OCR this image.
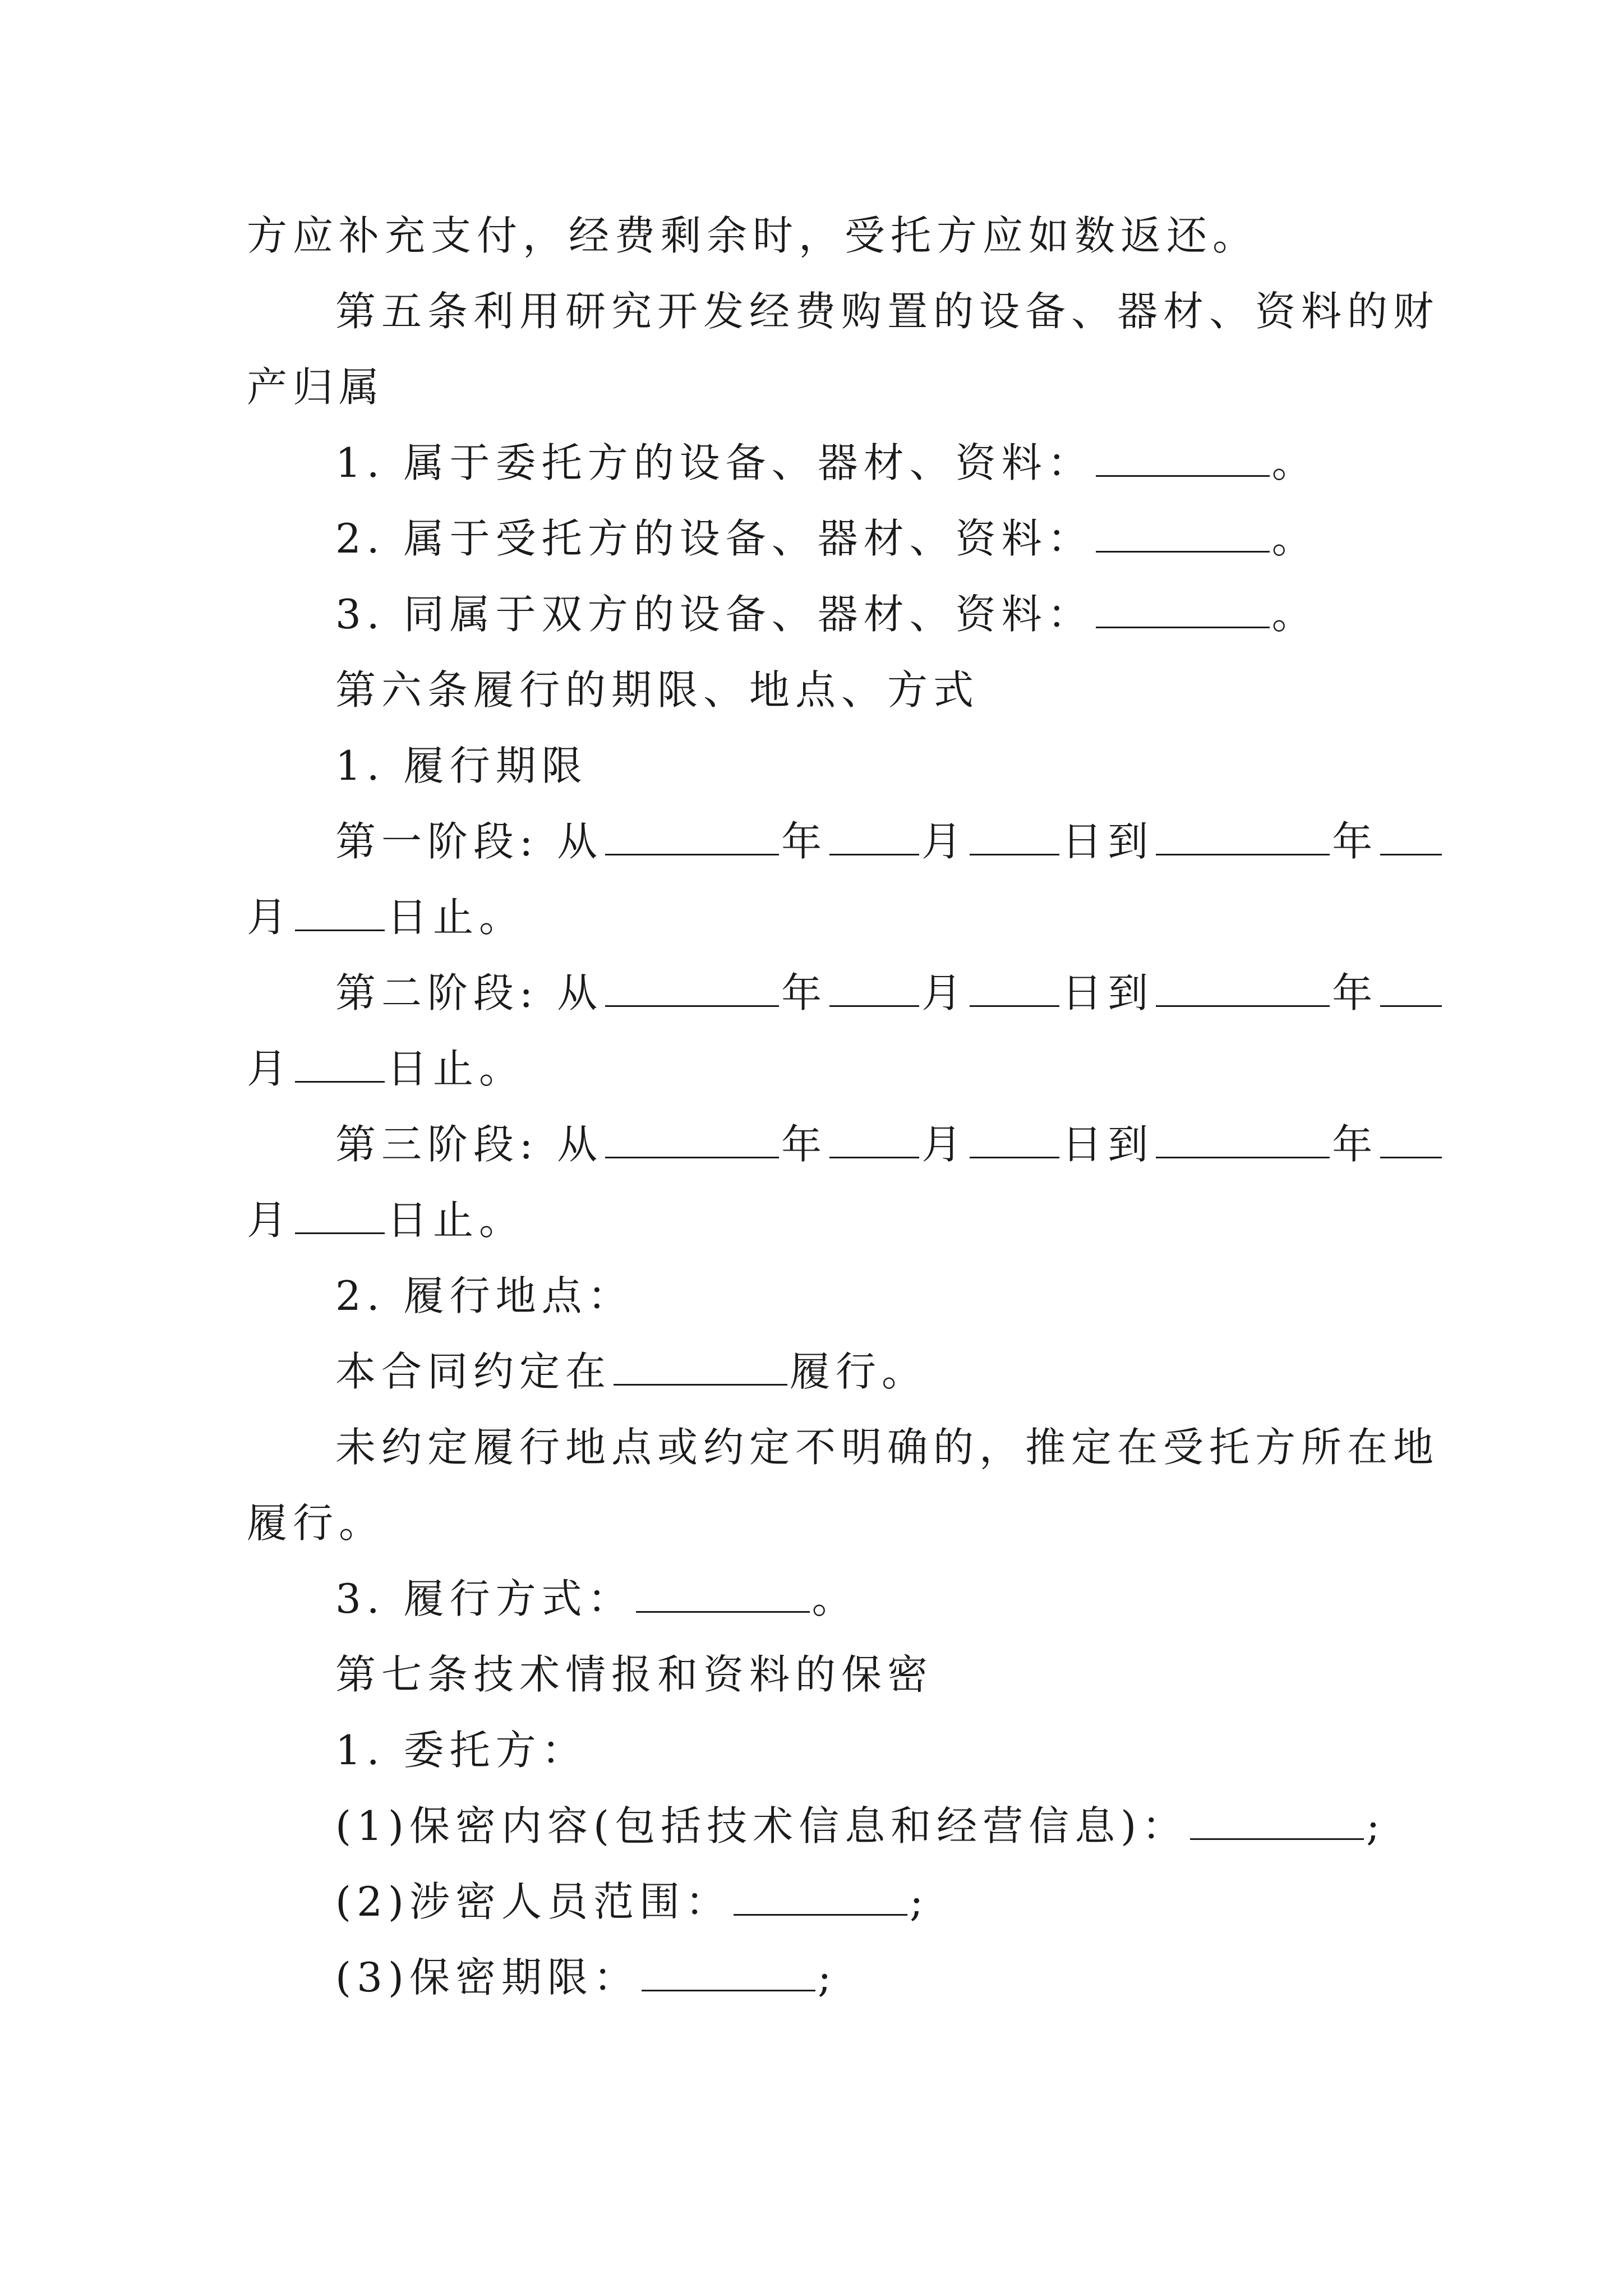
方应补充支付，经费剩余时，受托方应如数返还。
第五条利用研究开发经费购置的设备、器材、资料的财
产归属
1. 属于委托方的设备、器材、资料：	。
2. 属于受托方的设备、器材、资料：	。
3. 同属于双方的设备、器材、资料：	。
第六条履行的期限、地点、方式
1. 履行期限
第一阶段: 从	年 月 日到	年
月 日止。
第二阶段: 从	年 月 日到	年
月 日止。
第三阶段: 从	年 月 日到	年
月 日止。
2. 履行地点：
本合同约定在	履行。
未约定履行地点或约定不明确的，推定在受托方所在地
履行。
3. 履行方式：	。
第七条技术情报和资料的保密
1. 委托方：
(1)保密内容(包括技术信息和经营信息)：	;
(2)涉密人员范围：	;
(3)保密期限：	;
